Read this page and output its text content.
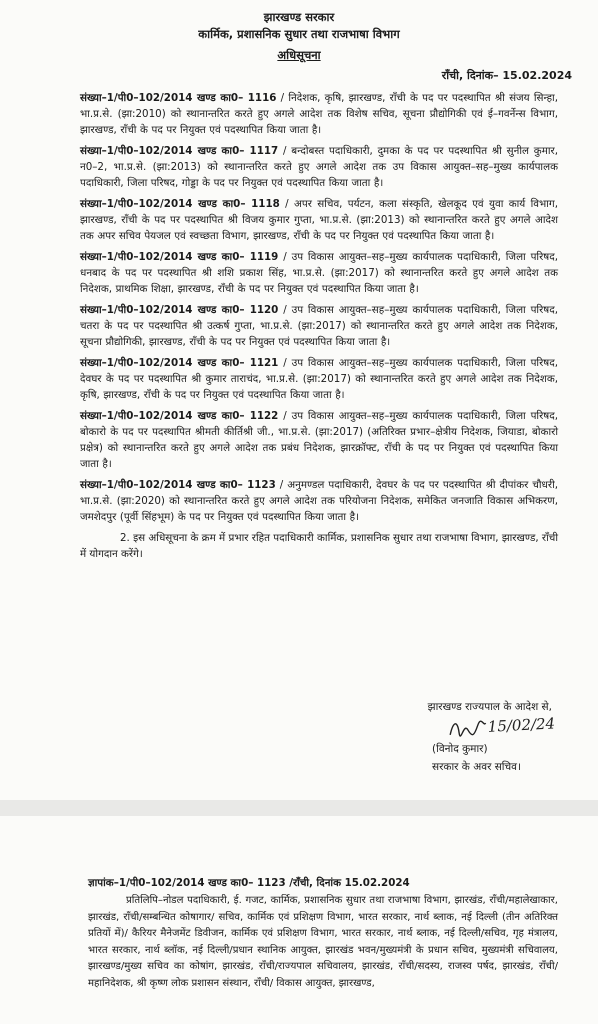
झारखण्ड सरकार
कार्मिक, प्रशासनिक सुधार तथा राजभाषा विभाग
अधिसूचना
राँची, दिनांक– 15.02.2024

संख्या–1/पी0–102/2014 खण्ड का0– 1116 / निदेशक, कृषि, झारखण्ड, राँची के पद पर पदस्थापित श्री संजय सिन्हा, भा.प्र.से. (झा:2010) को स्थानान्तरित करते हुए अगले आदेश तक विशेष सचिव, सूचना प्रौद्योगिकी एवं ई–गवर्नेन्स विभाग, झारखण्ड, राँची के पद पर नियुक्त एवं पदस्थापित किया जाता है।

संख्या–1/पी0–102/2014 खण्ड का0– 1117 / बन्दोबस्त पदाधिकारी, दुमका के पद पर पदस्थापित श्री सुनील कुमार, न0–2, भा.प्र.से. (झा:2013) को स्थानान्तरित करते हुए अगले आदेश तक उप विकास आयुक्त–सह–मुख्य कार्यपालक पदाधिकारी, जिला परिषद, गोड्डा के पद पर नियुक्त एवं पदस्थापित किया जाता है।

संख्या–1/पी0–102/2014 खण्ड का0– 1118 / अपर सचिव, पर्यटन, कला संस्कृति, खेलकूद एवं युवा कार्य विभाग, झारखण्ड, राँची के पद पर पदस्थापित श्री विजय कुमार गुप्ता, भा.प्र.से. (झा:2013) को स्थानान्तरित करते हुए अगले आदेश तक अपर सचिव पेयजल एवं स्वच्छता विभाग, झारखण्ड, राँची के पद पर नियुक्त एवं पदस्थापित किया जाता है।

संख्या–1/पी0–102/2014 खण्ड का0– 1119 / उप विकास आयुक्त–सह–मुख्य कार्यपालक पदाधिकारी, जिला परिषद, धनबाद के पद पर पदस्थापित श्री शशि प्रकाश सिंह, भा.प्र.से. (झा:2017) को स्थानान्तरित करते हुए अगले आदेश तक निदेशक, प्राथमिक शिक्षा, झारखण्ड, राँची के पद पर नियुक्त एवं पदस्थापित किया जाता है।

संख्या–1/पी0–102/2014 खण्ड का0– 1120 / उप विकास आयुक्त–सह–मुख्य कार्यपालक पदाधिकारी, जिला परिषद, चतरा के पद पर पदस्थापित श्री उत्कर्ष गुप्ता, भा.प्र.से. (झा:2017) को स्थानान्तरित करते हुए अगले आदेश तक निदेशक, सूचना प्रौद्योगिकी, झारखण्ड, राँची के पद पर नियुक्त एवं पदस्थापित किया जाता है।

संख्या–1/पी0–102/2014 खण्ड का0– 1121 / उप विकास आयुक्त–सह–मुख्य कार्यपालक पदाधिकारी, जिला परिषद, देवघर के पद पर पदस्थापित श्री कुमार ताराचंद, भा.प्र.से. (झा:2017) को स्थानान्तरित करते हुए अगले आदेश तक निदेशक, कृषि, झारखण्ड, राँची के पद पर नियुक्त एवं पदस्थापित किया जाता है।

संख्या–1/पी0–102/2014 खण्ड का0– 1122 / उप विकास आयुक्त–सह–मुख्य कार्यपालक पदाधिकारी, जिला परिषद, बोकारो के पद पर पदस्थापित श्रीमती कीर्तिश्री जी., भा.प्र.से. (झा:2017) (अतिरिक्त प्रभार–क्षेत्रीय निदेशक, जियाडा, बोकारो प्रक्षेत्र) को स्थानान्तरित करते हुए अगले आदेश तक प्रबंध निदेशक, झारक्रॉफ्ट, राँची के पद पर नियुक्त एवं पदस्थापित किया जाता है।

संख्या–1/पी0–102/2014 खण्ड का0– 1123 / अनुमण्डल पदाधिकारी, देवघर के पद पर पदस्थापित श्री दीपांकर चौधरी, भा.प्र.से. (झा:2020) को स्थानान्तरित करते हुए अगले आदेश तक परियोजना निदेशक, समेकित जनजाति विकास अभिकरण, जमशेदपुर (पूर्वी सिंहभूम) के पद पर नियुक्त एवं पदस्थापित किया जाता है।

2. इस अधिसूचना के क्रम में प्रभार रहित पदाधिकारी कार्मिक, प्रशासनिक सुधार तथा राजभाषा विभाग, झारखण्ड, राँची में योगदान करेंगे।

झारखण्ड राज्यपाल के आदेश से,
15/02/24
(विनोद कुमार)
सरकार के अवर सचिव।
ज्ञापांक–1/पी0–102/2014 खण्ड का0– 1123 /राँची, दिनांक 15.02.2024

प्रतिलिपि–नोडल पदाधिकारी, ई. गजट, कार्मिक, प्रशासनिक सुधार तथा राजभाषा विभाग, झारखंड, राँची/महालेखाकार, झारखंड, राँची/सम्बन्धित कोषागार/ सचिव, कार्मिक एवं प्रशिक्षण विभाग, भारत सरकार, नार्थ ब्लाक, नई दिल्ली (तीन अतिरिक्त प्रतियों में)/ कैरियर मैनेजमेंट डिवीजन, कार्मिक एवं प्रशिक्षण विभाग, भारत सरकार, नार्थ ब्लाक, नई दिल्ली/सचिव, गृह मंत्रालय, भारत सरकार, नार्थ ब्लॉक, नई दिल्ली/प्रधान स्थानिक आयुक्त, झारखंड भवन/मुख्यमंत्री के प्रधान सचिव, मुख्यमंत्री सचिवालय, झारखण्ड/मुख्य सचिव का कोषांग, झारखंड, राँची/राज्यपाल सचिवालय, झारखंड, राँची/सदस्य, राजस्व पर्षद, झारखंड, राँची/महानिदेशक, श्री कृष्ण लोक प्रशासन संस्थान, राँची/ विकास आयुक्त, झारखण्ड,
